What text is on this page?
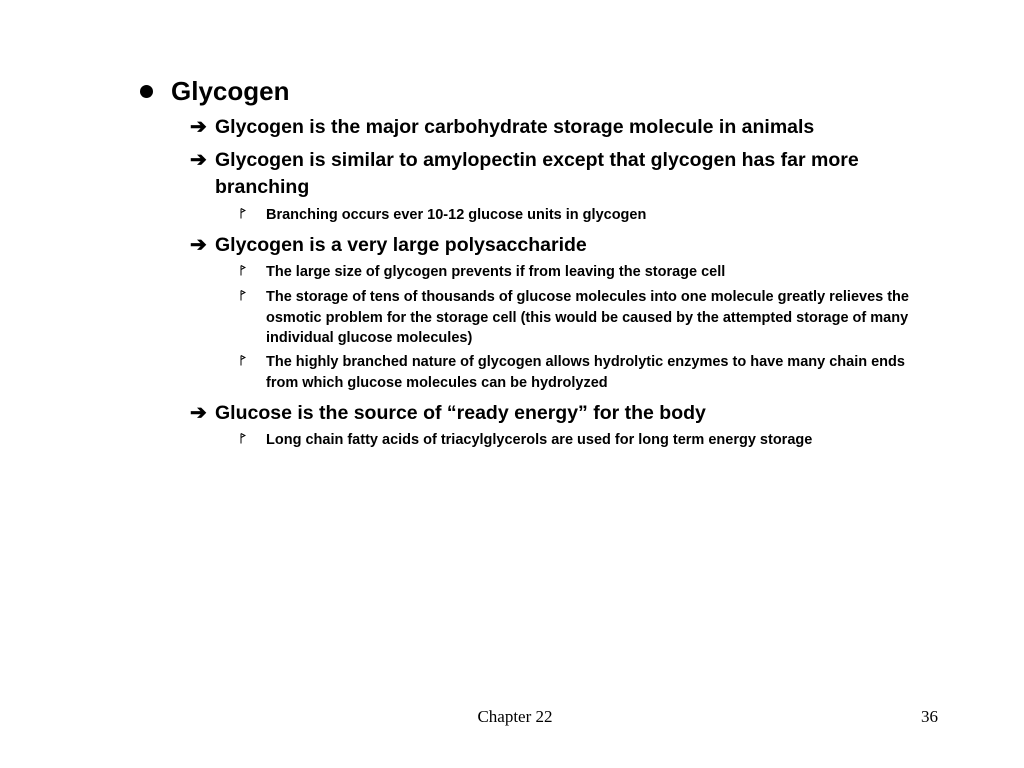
Glycogen
➔ Glycogen is the major carbohydrate storage molecule in animals
➔ Glycogen is similar to amylopectin except that glycogen has far more branching
Branching occurs ever 10-12 glucose units in glycogen
➔ Glycogen is a very large polysaccharide
The large size of glycogen prevents if from leaving the storage cell
The storage of tens of thousands of glucose molecules into one molecule greatly relieves the osmotic problem for the storage cell (this would be caused by the attempted storage of many individual glucose molecules)
The highly branched nature of glycogen allows hydrolytic enzymes to have many chain ends from which glucose molecules can be hydrolyzed
➔ Glucose is the source of “ready energy” for the body
Long chain fatty acids of triacylglycerols are used for long term energy storage
Chapter 22	36
